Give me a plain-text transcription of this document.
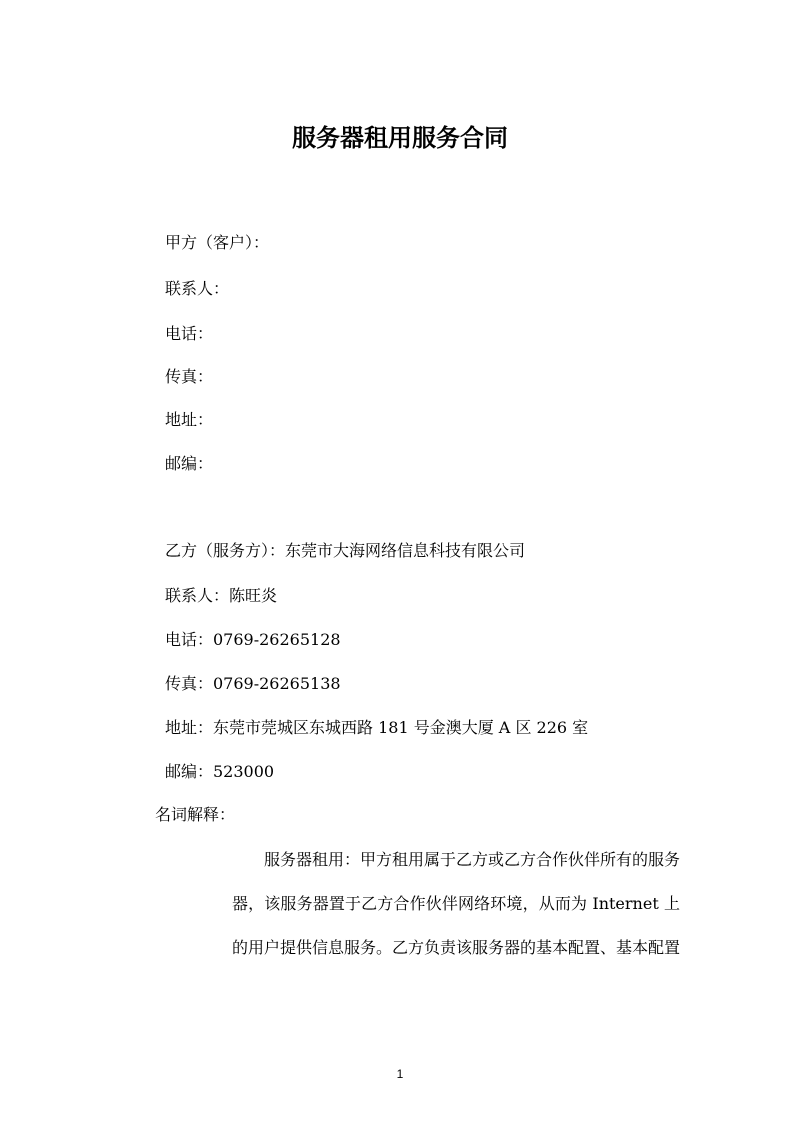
服务器租用服务合同
甲方（客户）：
联系人：
电话：
传真：
地址：
邮编：
乙方（服务方）：东莞市大海网络信息科技有限公司
联系人：陈旺炎
电话：0769-26265128
传真：0769-26265138
地址：东莞市莞城区东城西路 181 号金澳大厦 A 区 226 室
邮编：523000
名词解释：
服务器租用：甲方租用属于乙方或乙方合作伙伴所有的服务
器，该服务器置于乙方合作伙伴网络环境，从而为 Internet 上
的用户提供信息服务。乙方负责该服务器的基本配置、基本配置
1
